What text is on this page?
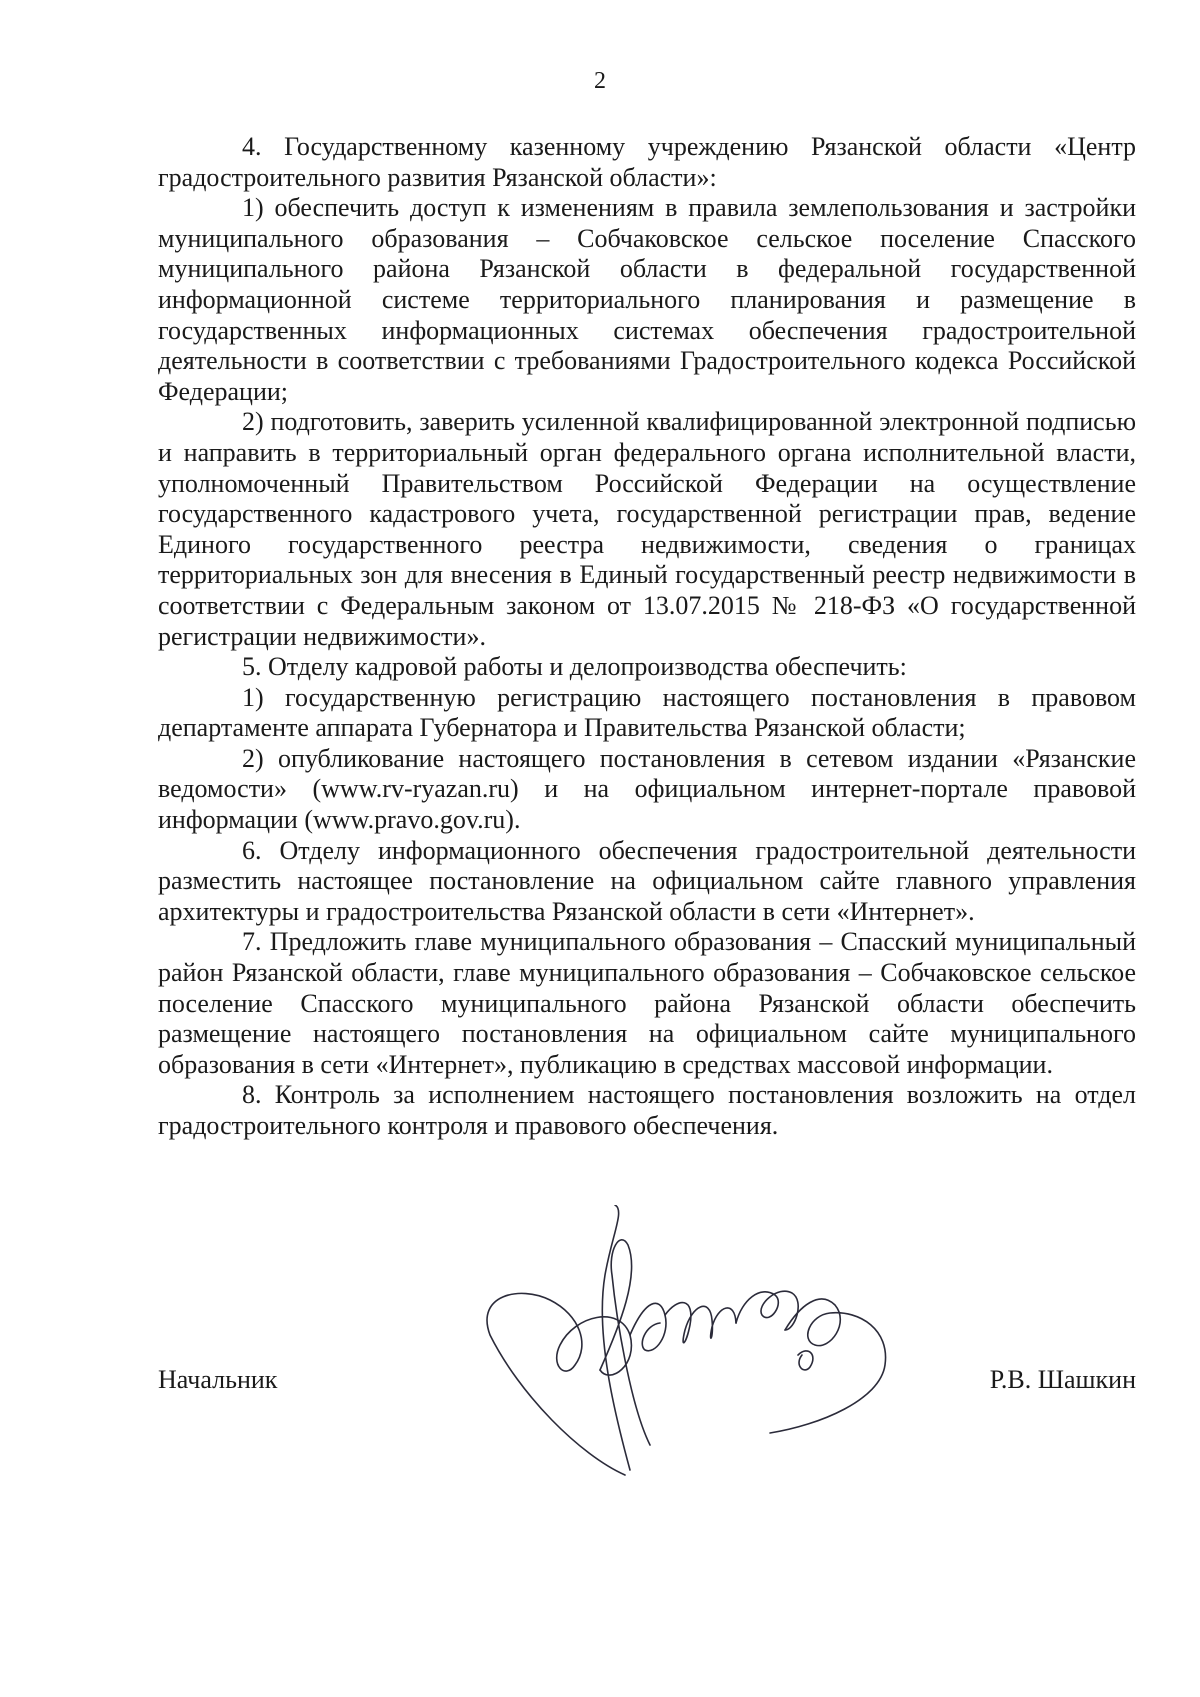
2

4. Государственному казенному учреждению Рязанской области «Центр градостроительного развития Рязанской области»:

1) обеспечить доступ к изменениям в правила землепользования и застройки муниципального образования – Собчаковское сельское поселение Спасского муниципального района Рязанской области в федеральной государственной информационной системе территориального планирования и размещение в государственных информационных системах обеспечения градостроительной деятельности в соответствии с требованиями Градостроительного кодекса Российской Федерации;

2) подготовить, заверить усиленной квалифицированной электронной подписью и направить в территориальный орган федерального органа исполнительной власти, уполномоченный Правительством Российской Федерации на осуществление государственного кадастрового учета, государственной регистрации прав, ведение Единого государственного реестра недвижимости, сведения о границах территориальных зон для внесения в Единый государственный реестр недвижимости в соответствии с Федеральным законом от 13.07.2015 № 218-ФЗ «О государственной регистрации недвижимости».

5. Отделу кадровой работы и делопроизводства обеспечить:

1) государственную регистрацию настоящего постановления в правовом департаменте аппарата Губернатора и Правительства Рязанской области;

2) опубликование настоящего постановления в сетевом издании «Рязанские ведомости» (www.rv-ryazan.ru) и на официальном интернет-портале правовой информации (www.pravo.gov.ru).

6. Отделу информационного обеспечения градостроительной деятельности разместить настоящее постановление на официальном сайте главного управления архитектуры и градостроительства Рязанской области в сети «Интернет».

7. Предложить главе муниципального образования – Спасский муниципальный район Рязанской области, главе муниципального образования – Собчаковское сельское поселение Спасского муниципального района Рязанской области обеспечить размещение настоящего постановления на официальном сайте муниципального образования в сети «Интернет», публикацию в средствах массовой информации.

8. Контроль за исполнением настоящего постановления возложить на отдел градостроительного контроля и правового обеспечения.

Начальник	Р.В. Шашкин
